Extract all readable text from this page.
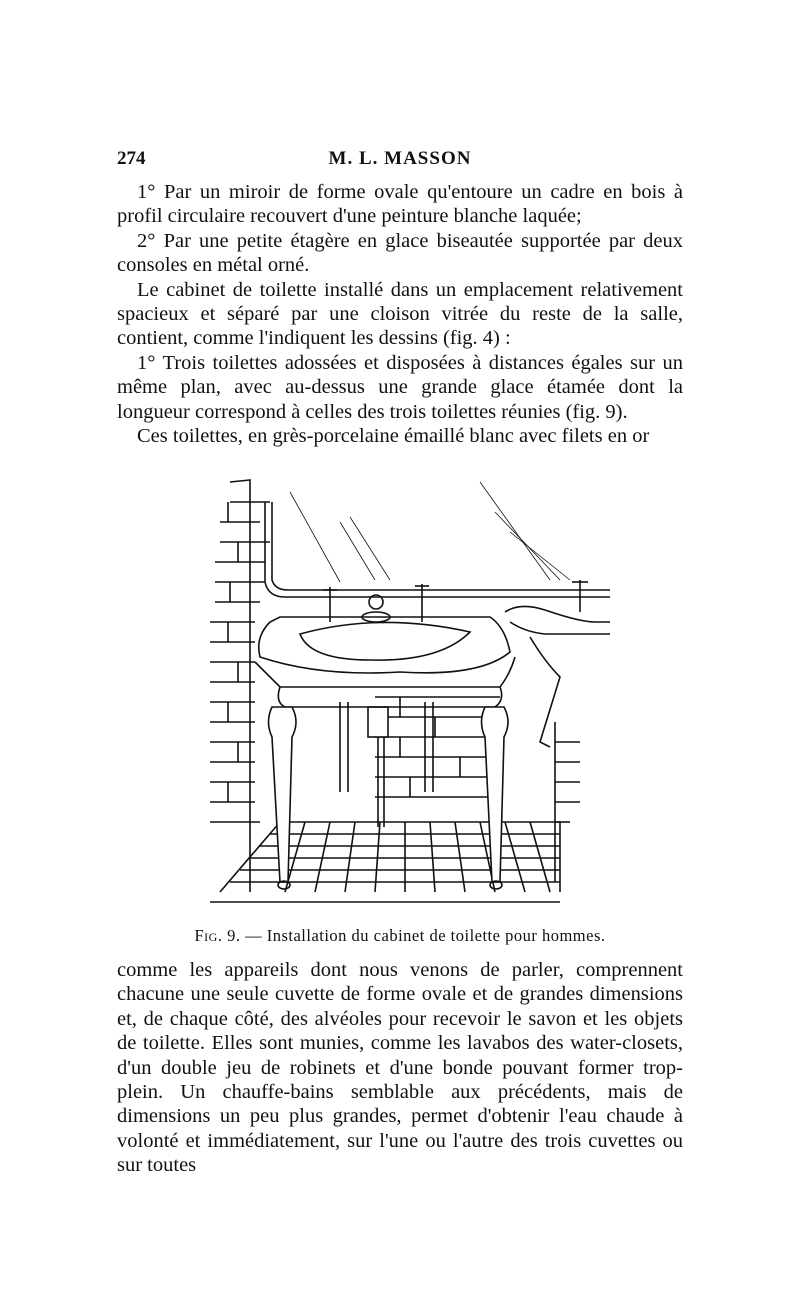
274	M. L. MASSON

1° Par un miroir de forme ovale qu'entoure un cadre en bois à profil circulaire recouvert d'une peinture blanche laquée;

2° Par une petite étagère en glace biseautée supportée par deux consoles en métal orné.

Le cabinet de toilette installé dans un emplacement relativement spacieux et séparé par une cloison vitrée du reste de la salle, contient, comme l'indiquent les dessins (fig. 4) :

1° Trois toilettes adossées et disposées à distances égales sur un même plan, avec au-dessus une grande glace étamée dont la longueur correspond à celles des trois toilettes réunies (fig. 9).

Ces toilettes, en grès-porcelaine émaillé blanc avec filets en or

Fig. 9. — Installation du cabinet de toilette pour hommes.

comme les appareils dont nous venons de parler, comprennent chacune une seule cuvette de forme ovale et de grandes dimensions et, de chaque côté, des alvéoles pour recevoir le savon et les objets de toilette. Elles sont munies, comme les lavabos des water-closets, d'un double jeu de robinets et d'une bonde pouvant former trop-plein. Un chauffe-bains semblable aux précédents, mais de dimensions un peu plus grandes, permet d'obtenir l'eau chaude à volonté et immédiatement, sur l'une ou l'autre des trois cuvettes ou sur toutes
